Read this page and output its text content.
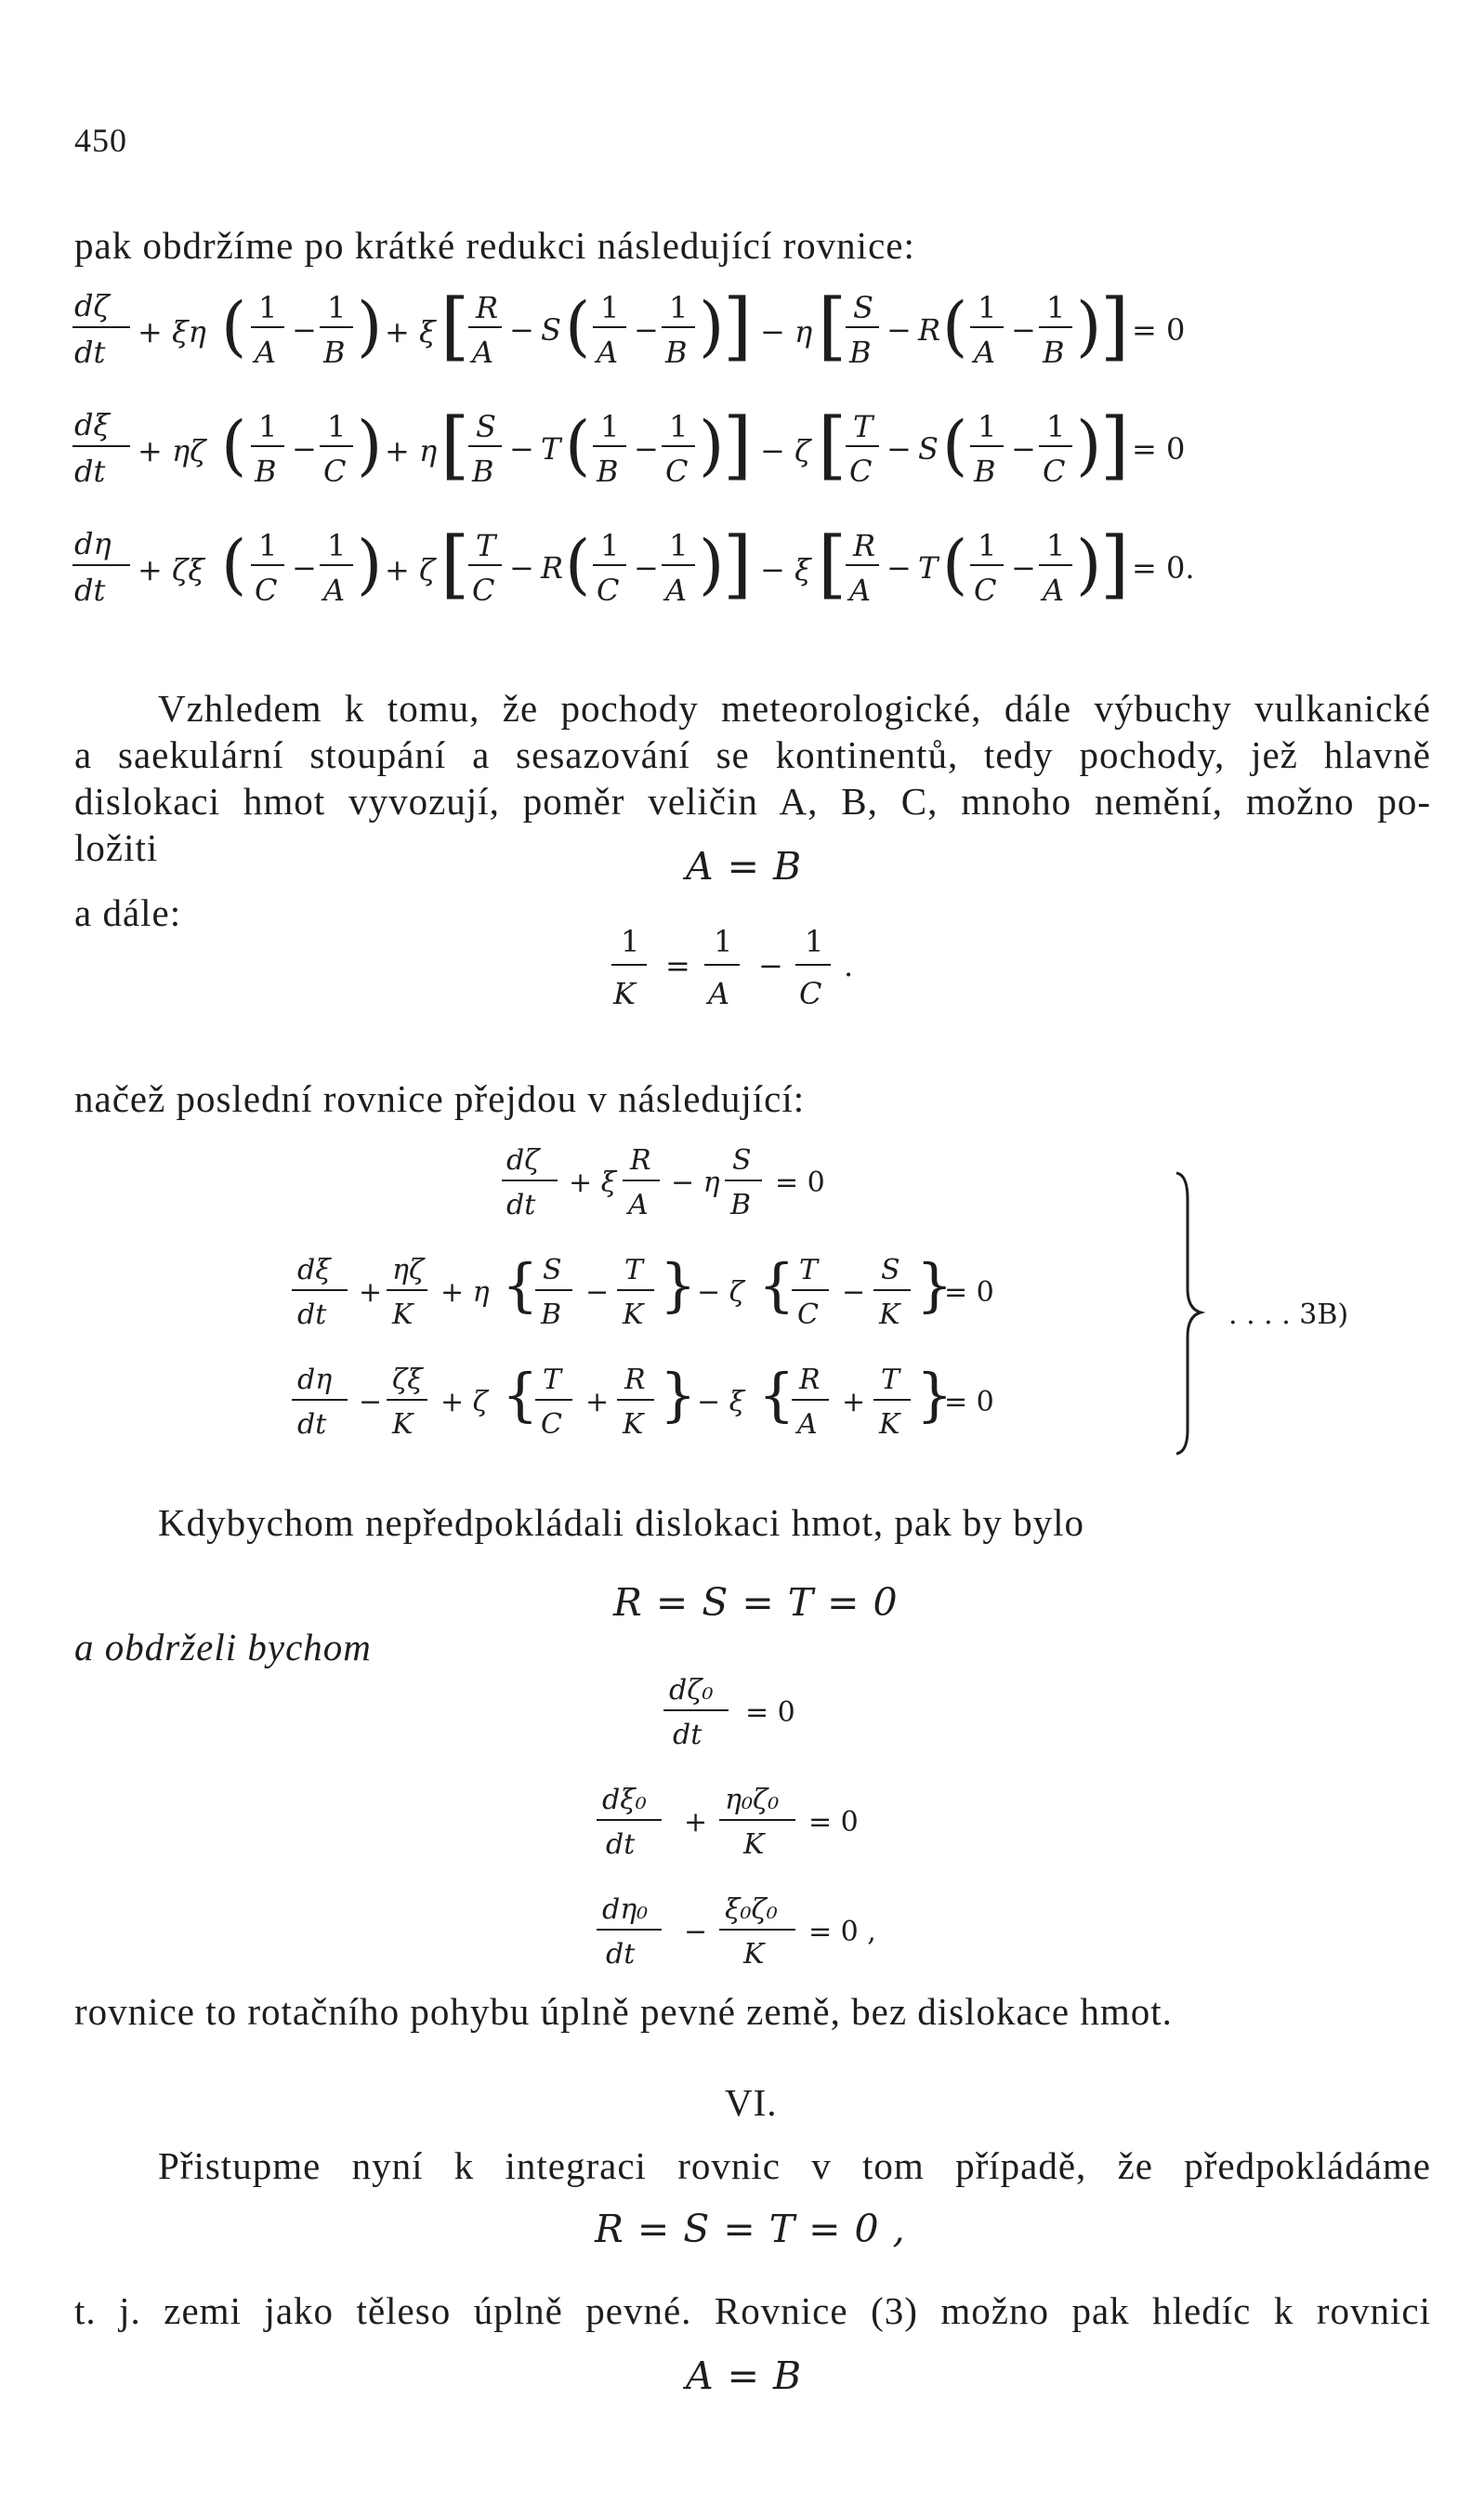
450
pak obdržíme po krátké redukci následující rovnice:
dζ
dt
+ ξη ( 1
A
−
1
B ) + ξ [ R
A
− S ( 1
A
−
1
B )
] − η [ S
B
− R ( 1
A
−
1
B )
] = 0
dξ
dt
+ ηζ ( 1
B
−
1
C ) + η [ S
B
− T ( 1
B
−
1
C )
] − ζ [ T
C
− S ( 1
B
−
1
C )
] = 0
dη
dt
+ ζξ ( 1
C
−
1
A ) + ζ [ T
C
− R ( 1
C
−
1
A )
] − ξ [ R
A
− T ( 1
C
−
1
A )
] = 0.
Vzhledem k tomu, že pochody meteorologické, dále výbuchy vulkanické
a saekulární stoupání a sesazování se kontinentů, tedy pochody, jež hlavně
dislokaci hmot vyvozují, poměr veličin A, B, C, mnoho nemění, možno po-
ložiti	A = B
a dále:
1
K
=
1
A
−
1
C
.
načež poslední rovnice přejdou v následující:
dζ
dt
+ ξ
R
A
− η
S
B
= 0
dξ
dt
+
ηζ
K
+ η { S
B
−
T
K } − ζ { T
C
−
S
K }
= 0
dη
dt
−
ζξ
K
+ ζ { T
C
+
R
K } − ξ { R
A
+
T
K }
= 0
. . . . 3B)
Kdybychom nepředpokládali dislokaci hmot, pak by bylo
R = S = T = 0
a obdrželi bychom
dζ₀
dt
= 0
dξ₀
dt
+
η₀ζ₀
K
= 0
dη₀
dt
−
ξ₀ζ₀
K
= 0 ,
rovnice to rotačního pohybu úplně pevné země, bez dislokace hmot.
VI.
Přistupme nyní k integraci rovnic v tom případě, že předpokládáme
R = S = T = 0 ,
t. j. zemi jako těleso úplně pevné. Rovnice (3) možno pak hledíc k rovnici
A = B
